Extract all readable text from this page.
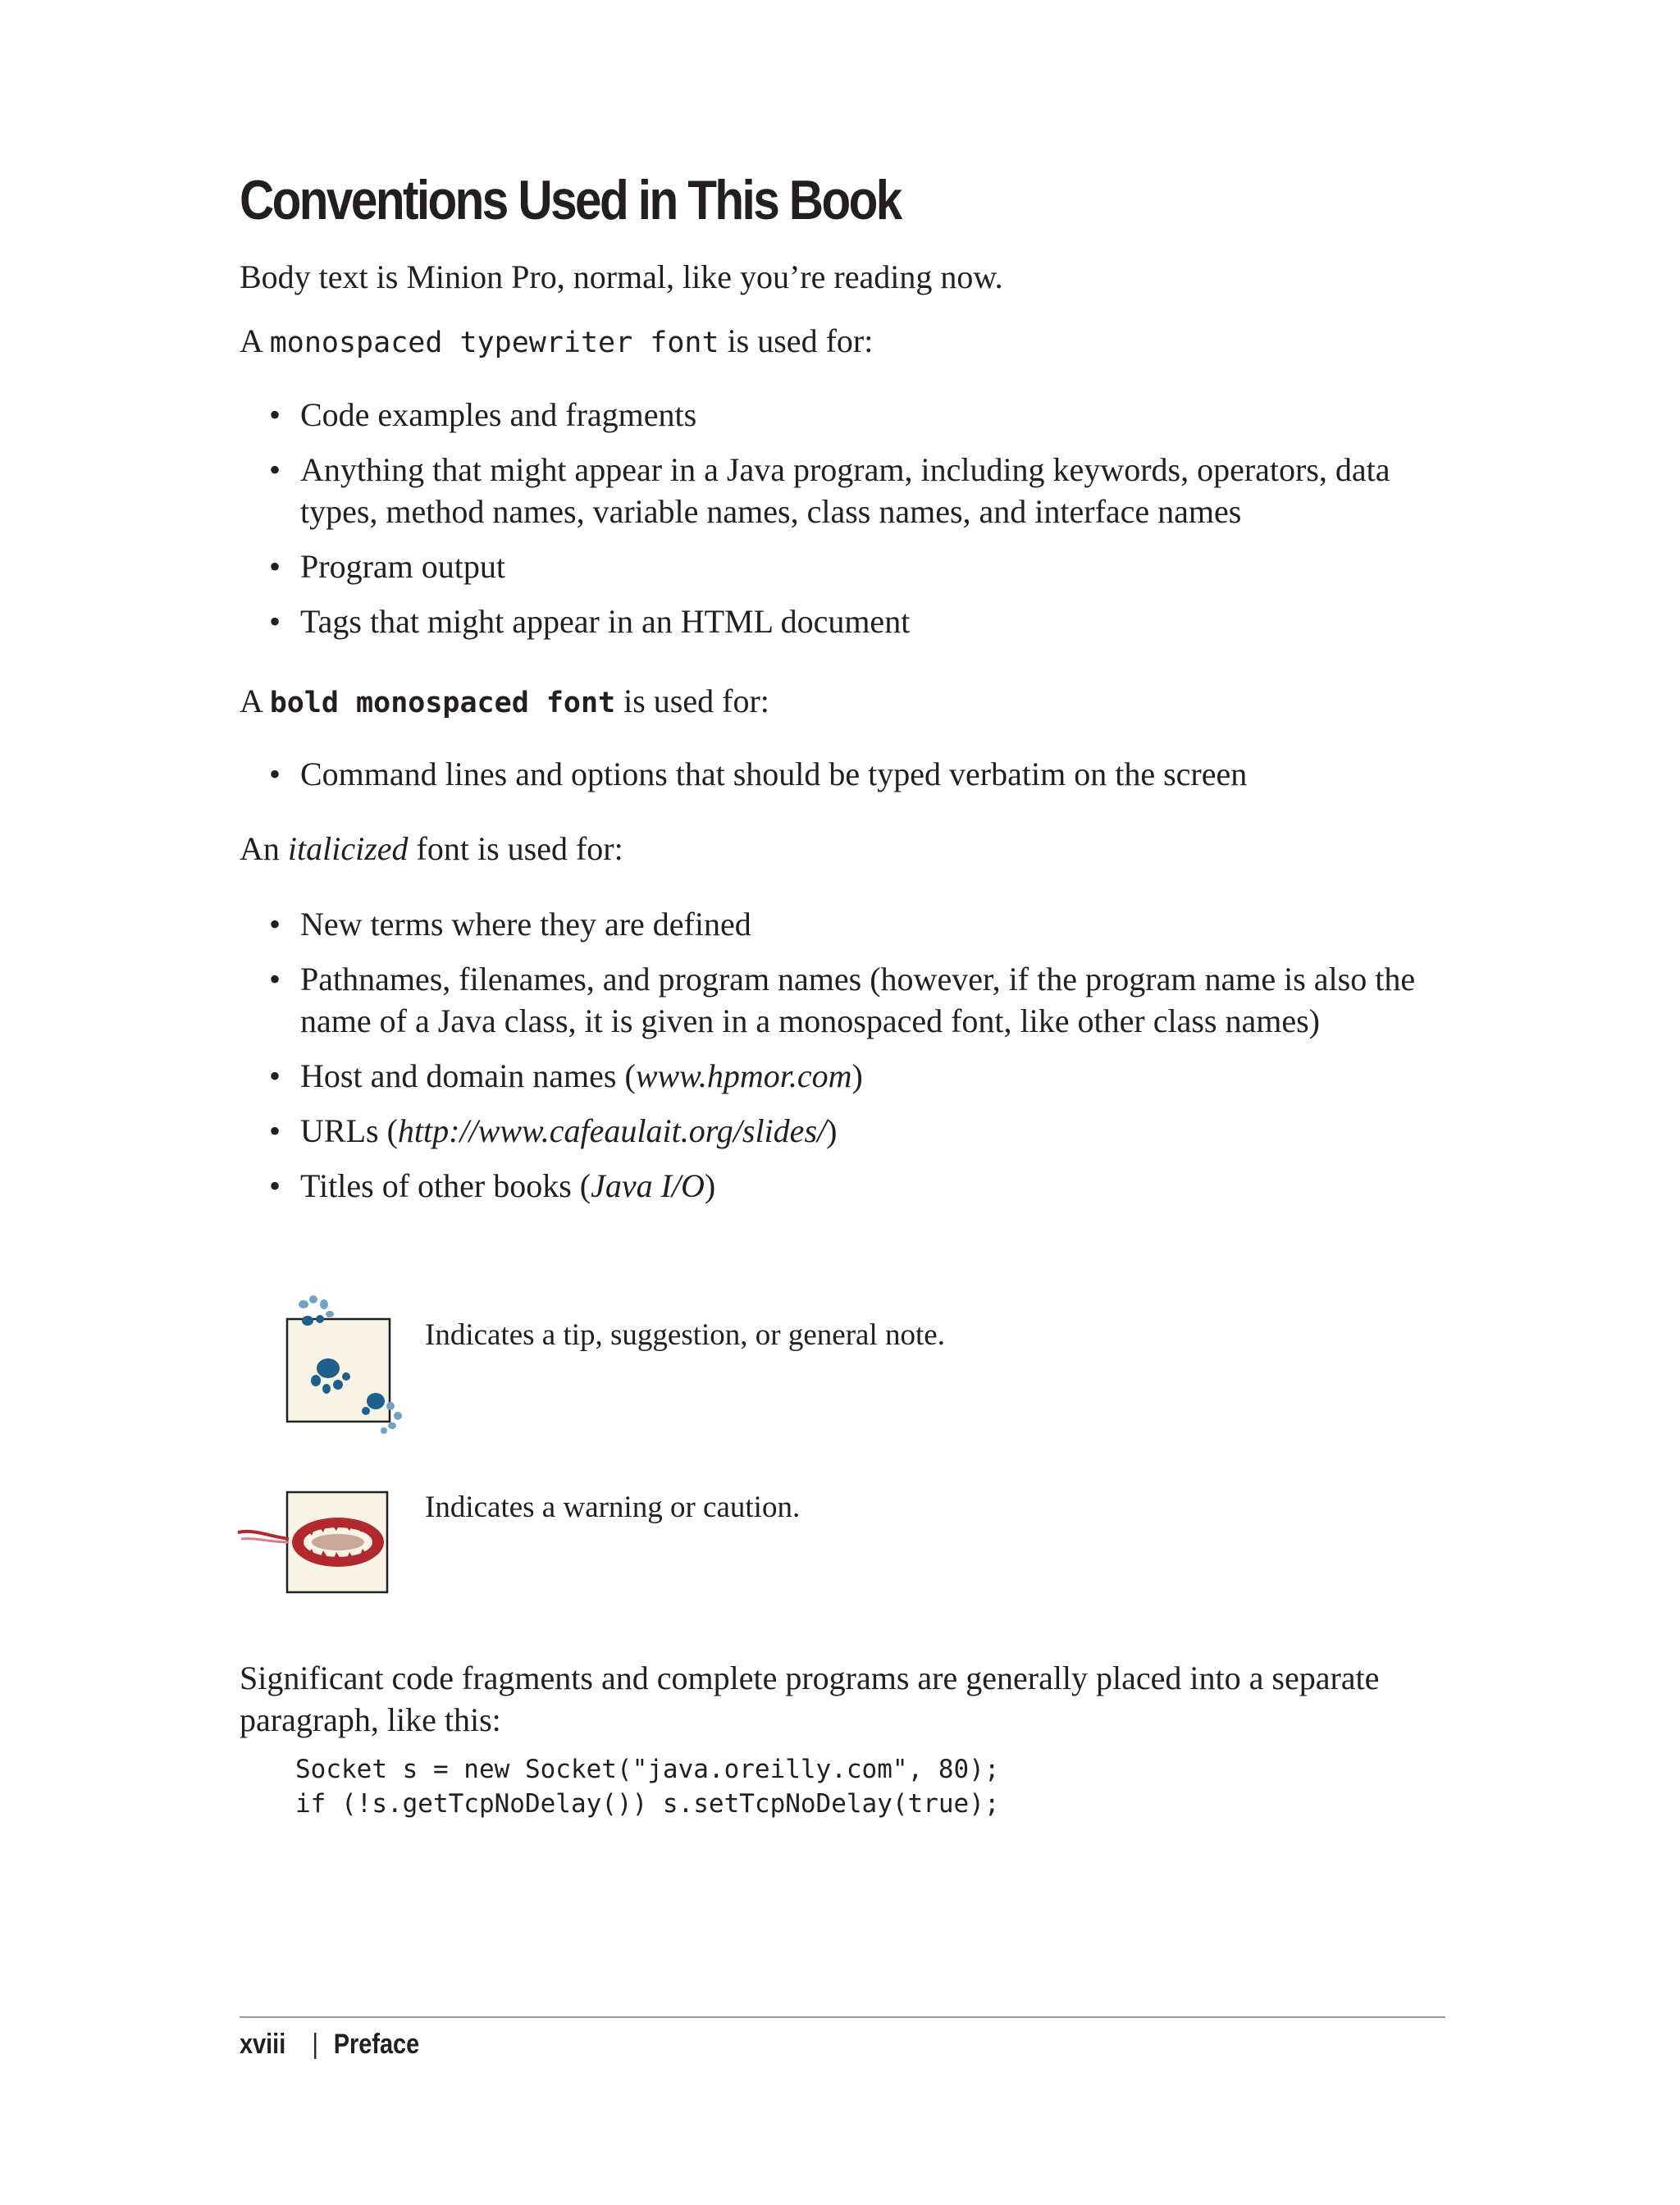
Conventions Used in This Book
Body text is Minion Pro, normal, like you’re reading now.
A monospaced typewriter font is used for:
• Code examples and fragments
• Anything that might appear in a Java program, including keywords, operators, data types, method names, variable names, class names, and interface names
• Program output
• Tags that might appear in an HTML document
A bold monospaced font is used for:
• Command lines and options that should be typed verbatim on the screen
An italicized font is used for:
• New terms where they are defined
• Pathnames, filenames, and program names (however, if the program name is also the name of a Java class, it is given in a monospaced font, like other class names)
• Host and domain names (www.hpmor.com)
• URLs (http://www.cafeaulait.org/slides/)
• Titles of other books (Java I/O)
Indicates a tip, suggestion, or general note.
Indicates a warning or caution.
Significant code fragments and complete programs are generally placed into a separate paragraph, like this:
Socket s = new Socket("java.oreilly.com", 80);
if (!s.getTcpNoDelay()) s.setTcpNoDelay(true);
xviii | Preface
